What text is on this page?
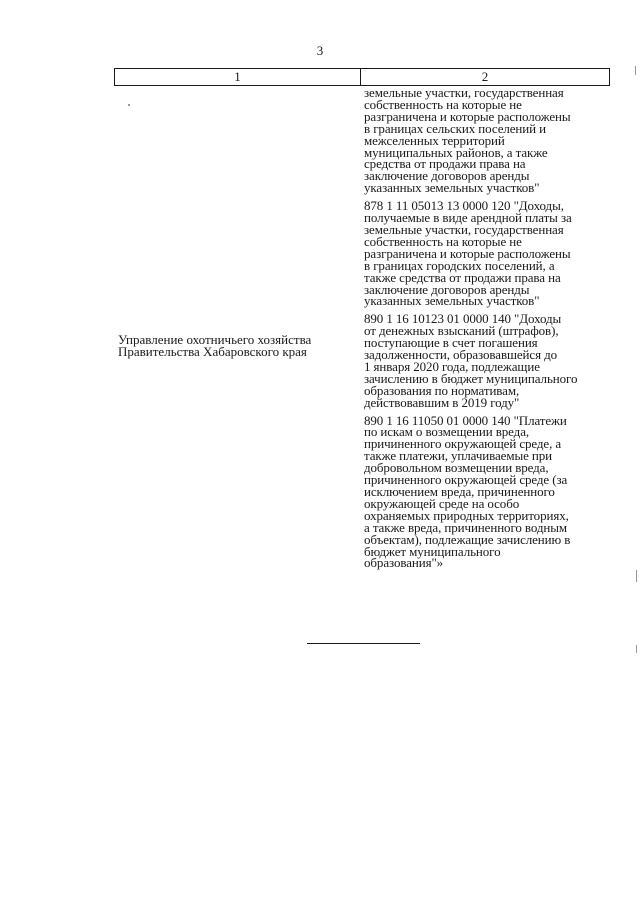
3
1	2
Управление охотничьего хозяйства
Правительства Хабаровского края
земельные участки, государственная
собственность на которые не
разграничена и которые расположены
в границах сельских поселений и
межселенных территорий
муниципальных районов, а также
средства от продажи права на
заключение договоров аренды
указанных земельных участков"
878 1 11 05013 13 0000 120 "Доходы,
получаемые в виде арендной платы за
земельные участки, государственная
собственность на которые не
разграничена и которые расположены
в границах городских поселений, а
также средства от продажи права на
заключение договоров аренды
указанных земельных участков"
890 1 16 10123 01 0000 140 "Доходы
от денежных взысканий (штрафов),
поступающие в счет погашения
задолженности, образовавшейся до
1 января 2020 года, подлежащие
зачислению в бюджет муниципального
образования по нормативам,
действовавшим в 2019 году"
890 1 16 11050 01 0000 140 "Платежи
по искам о возмещении вреда,
причиненного окружающей среде, а
также платежи, уплачиваемые при
добровольном возмещении вреда,
причиненного окружающей среде (за
исключением вреда, причиненного
окружающей среде на особо
охраняемых природных территориях,
а также вреда, причиненного водным
объектам), подлежащие зачислению в
бюджет муниципального
образования"»
